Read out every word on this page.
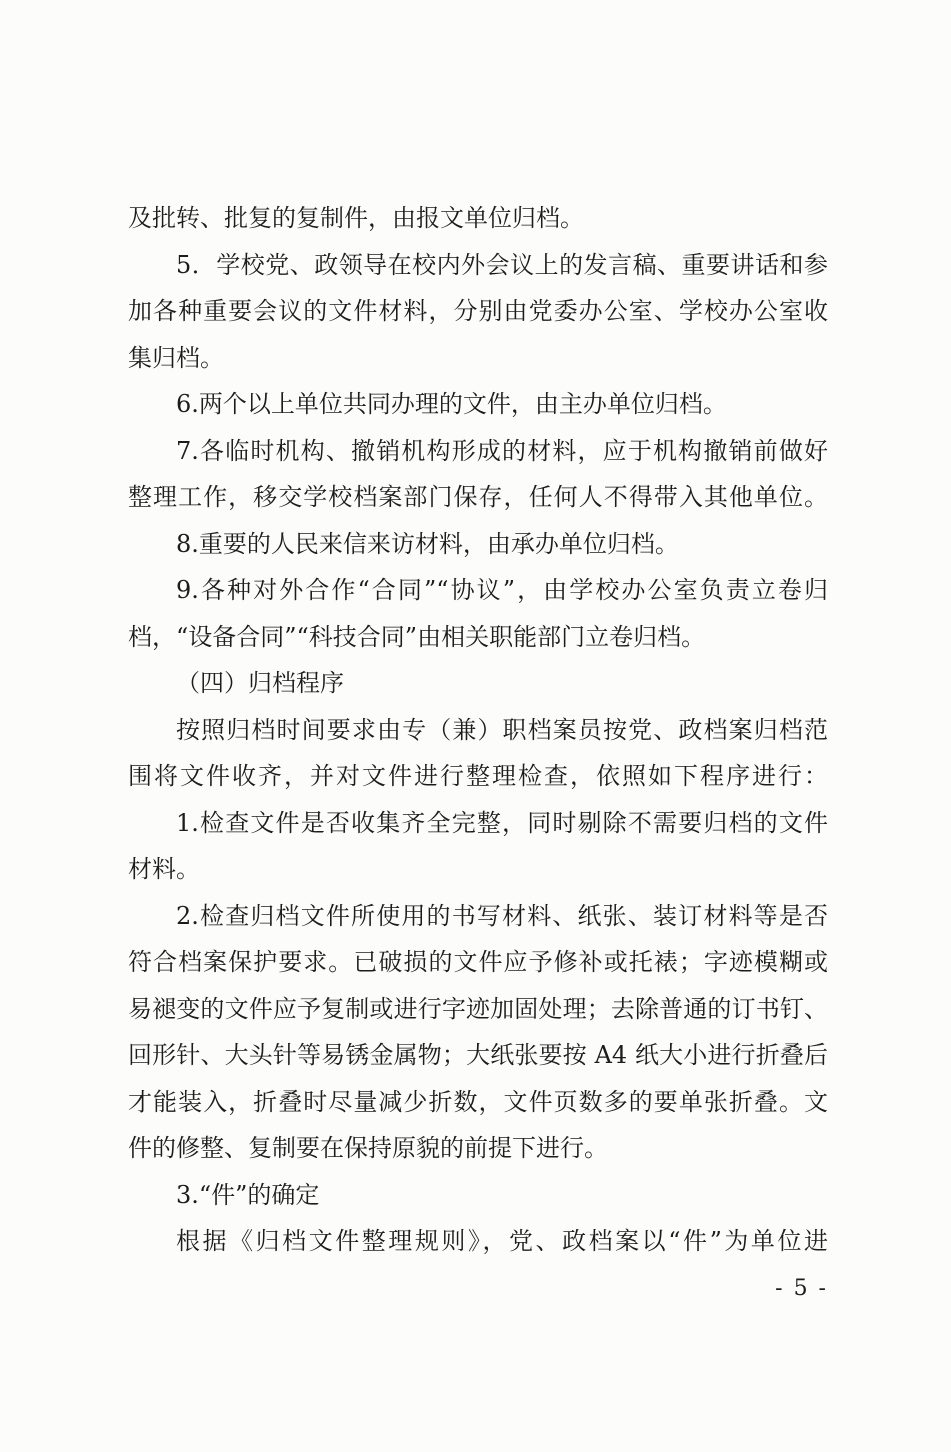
及批转、批复的复制件，由报文单位归档。
5．学校党、政领导在校内外会议上的发言稿、重要讲话和参
加各种重要会议的文件材料，分别由党委办公室、学校办公室收
集归档。
6.两个以上单位共同办理的文件，由主办单位归档。
7.各临时机构、撤销机构形成的材料，应于机构撤销前做好
整理工作，移交学校档案部门保存，任何人不得带入其他单位。
8.重要的人民来信来访材料，由承办单位归档。
9.各种对外合作“合同”“协议”，由学校办公室负责立卷归
档，“设备合同”“科技合同”由相关职能部门立卷归档。
（四）归档程序
按照归档时间要求由专（兼）职档案员按党、政档案归档范
围将文件收齐，并对文件进行整理检查，依照如下程序进行：
1.检查文件是否收集齐全完整，同时剔除不需要归档的文件
材料。
2.检查归档文件所使用的书写材料、纸张、装订材料等是否
符合档案保护要求。已破损的文件应予修补或托裱；字迹模糊或
易褪变的文件应予复制或进行字迹加固处理；去除普通的订书钉、
回形针、大头针等易锈金属物；大纸张要按 A4 纸大小进行折叠后
才能装入，折叠时尽量减少折数，文件页数多的要单张折叠。文
件的修整、复制要在保持原貌的前提下进行。
3.“件”的确定
根据《归档文件整理规则》，党、政档案以“件”为单位进
- 5 -
